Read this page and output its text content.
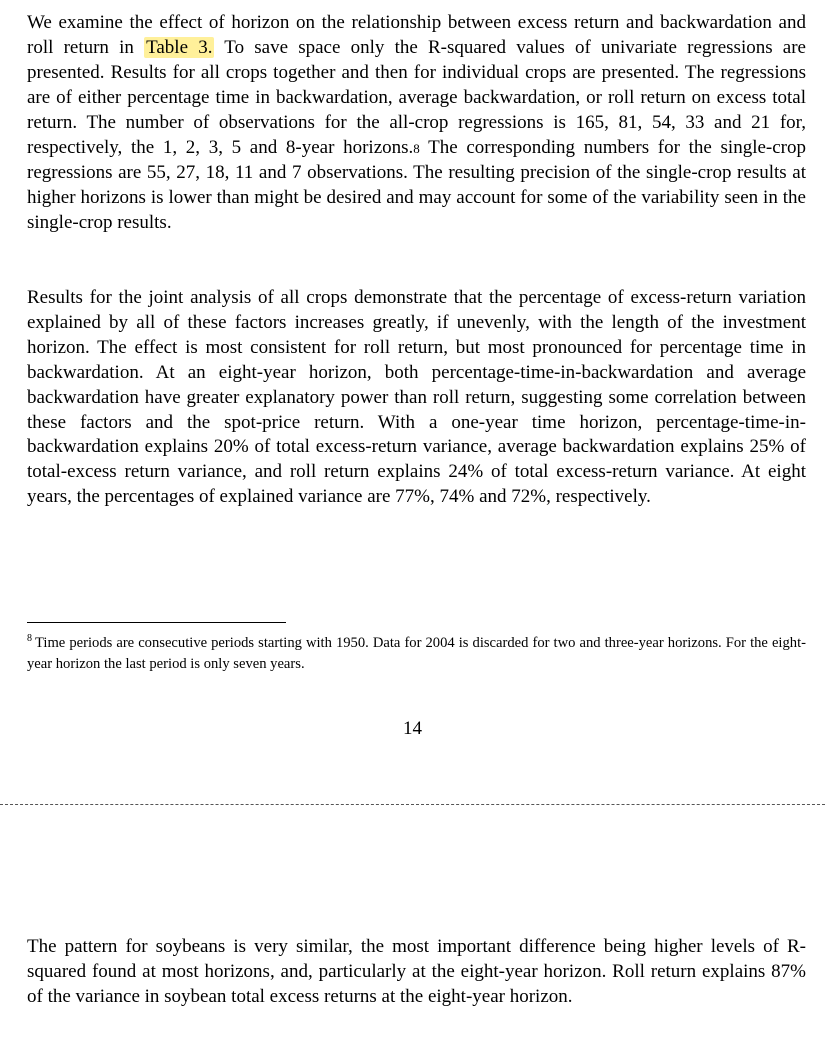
We examine the effect of horizon on the relationship between excess return and backwardation and roll return in Table 3. To save space only the R-squared values of univariate regressions are presented. Results for all crops together and then for individual crops are presented. The regressions are of either percentage time in backwardation, average backwardation, or roll return on excess total return. The number of observations for the all-crop regressions is 165, 81, 54, 33 and 21 for, respectively, the 1, 2, 3, 5 and 8-year horizons.8 The corresponding numbers for the single-crop regressions are 55, 27, 18, 11 and 7 observations. The resulting precision of the single-crop results at higher horizons is lower than might be desired and may account for some of the variability seen in the single-crop results.

Results for the joint analysis of all crops demonstrate that the percentage of excess-return variation explained by all of these factors increases greatly, if unevenly, with the length of the investment horizon. The effect is most consistent for roll return, but most pronounced for percentage time in backwardation. At an eight-year horizon, both percentage-time-in-backwardation and average backwardation have greater explanatory power than roll return, suggesting some correlation between these factors and the spot-price return. With a one-year time horizon, percentage-time-in-backwardation explains 20% of total excess-return variance, average backwardation explains 25% of total-excess return variance, and roll return explains 24% of total excess-return variance. At eight years, the percentages of explained variance are 77%, 74% and 72%, respectively.

$^8$ Time periods are consecutive periods starting with 1950. Data for 2004 is discarded for two and three-year horizons. For the eight-year horizon the last period is only seven years.

14

The pattern for soybeans is very similar, the most important difference being higher levels of R-squared found at most horizons, and, particularly at the eight-year horizon. Roll return explains 87% of the variance in soybean total excess returns at the eight-year horizon.
